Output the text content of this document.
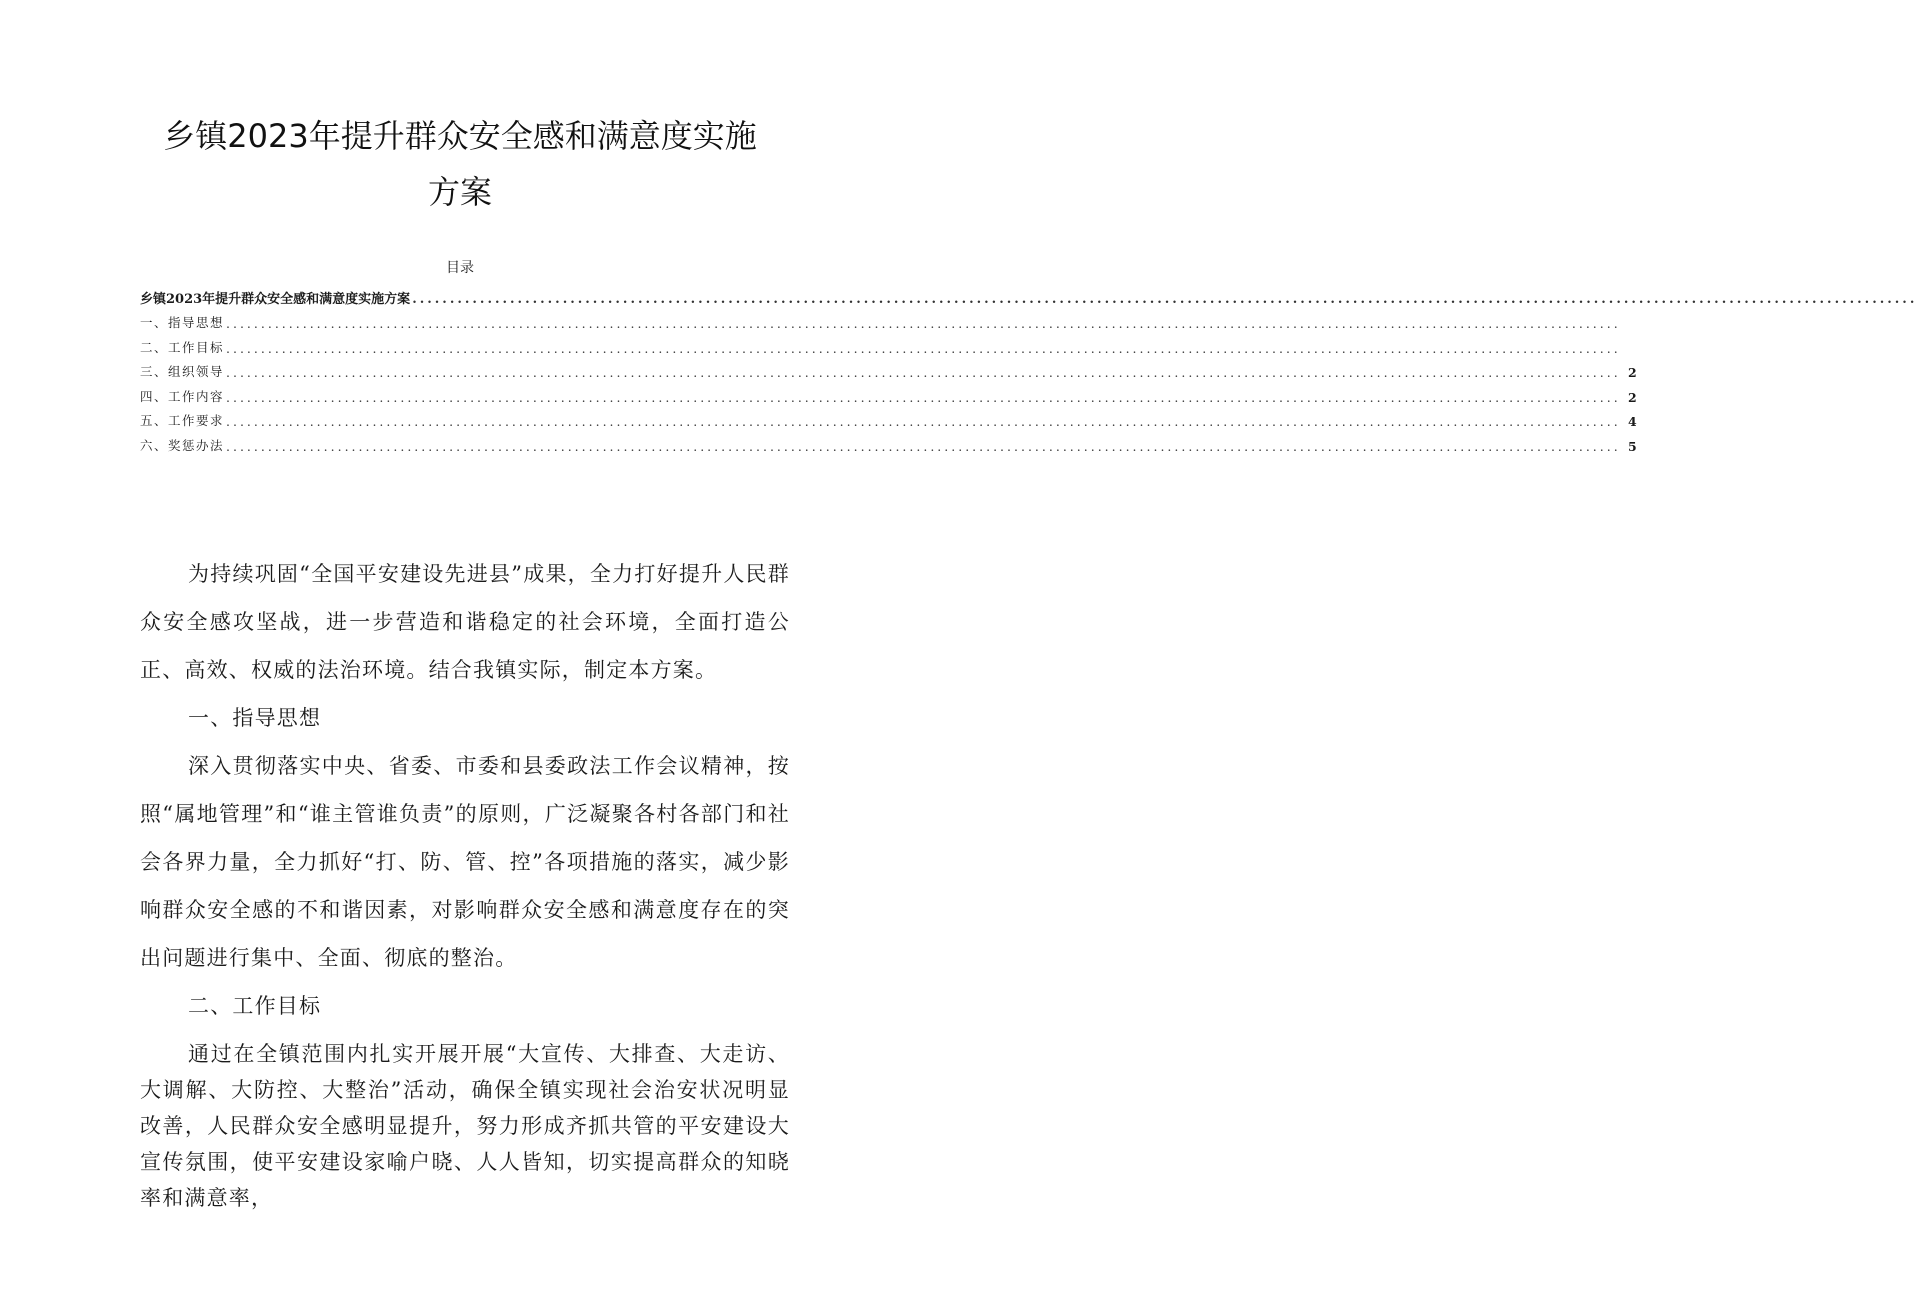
乡镇2023年提升群众安全感和满意度实施
方案
目录
乡镇2023年提升群众安全感和满意度实施方案 ........................................................................................................................................................................................................
一、指导思想 ........................................................................................................................................................................................................
二、工作目标 ........................................................................................................................................................................................................
三、组织领导 ........................................................................................................................................................................................................ 2
四、工作内容 ........................................................................................................................................................................................................ 2
五、工作要求 ........................................................................................................................................................................................................ 4
六、奖惩办法 ........................................................................................................................................................................................................ 5

为持续巩固“全国平安建设先进县”成果，全力打好提升人民群众安全感攻坚战，进一步营造和谐稳定的社会环境，全面打造公正、高效、权威的法治环境。结合我镇实际，制定本方案。

一、指导思想

深入贯彻落实中央、省委、市委和县委政法工作会议精神，按照“属地管理”和“谁主管谁负责”的原则，广泛凝聚各村各部门和社会各界力量，全力抓好“打、防、管、控”各项措施的落实，减少影响群众安全感的不和谐因素，对影响群众安全感和满意度存在的突出问题进行集中、全面、彻底的整治。

二、工作目标

通过在全镇范围内扎实开展开展“大宣传、大排查、大走访、大调解、大防控、大整治”活动，确保全镇实现社会治安状况明显改善，人民群众安全感明显提升，努力形成齐抓共管的平安建设大宣传氛围，使平安建设家喻户晓、人人皆知，切实提高群众的知晓率和满意率，
